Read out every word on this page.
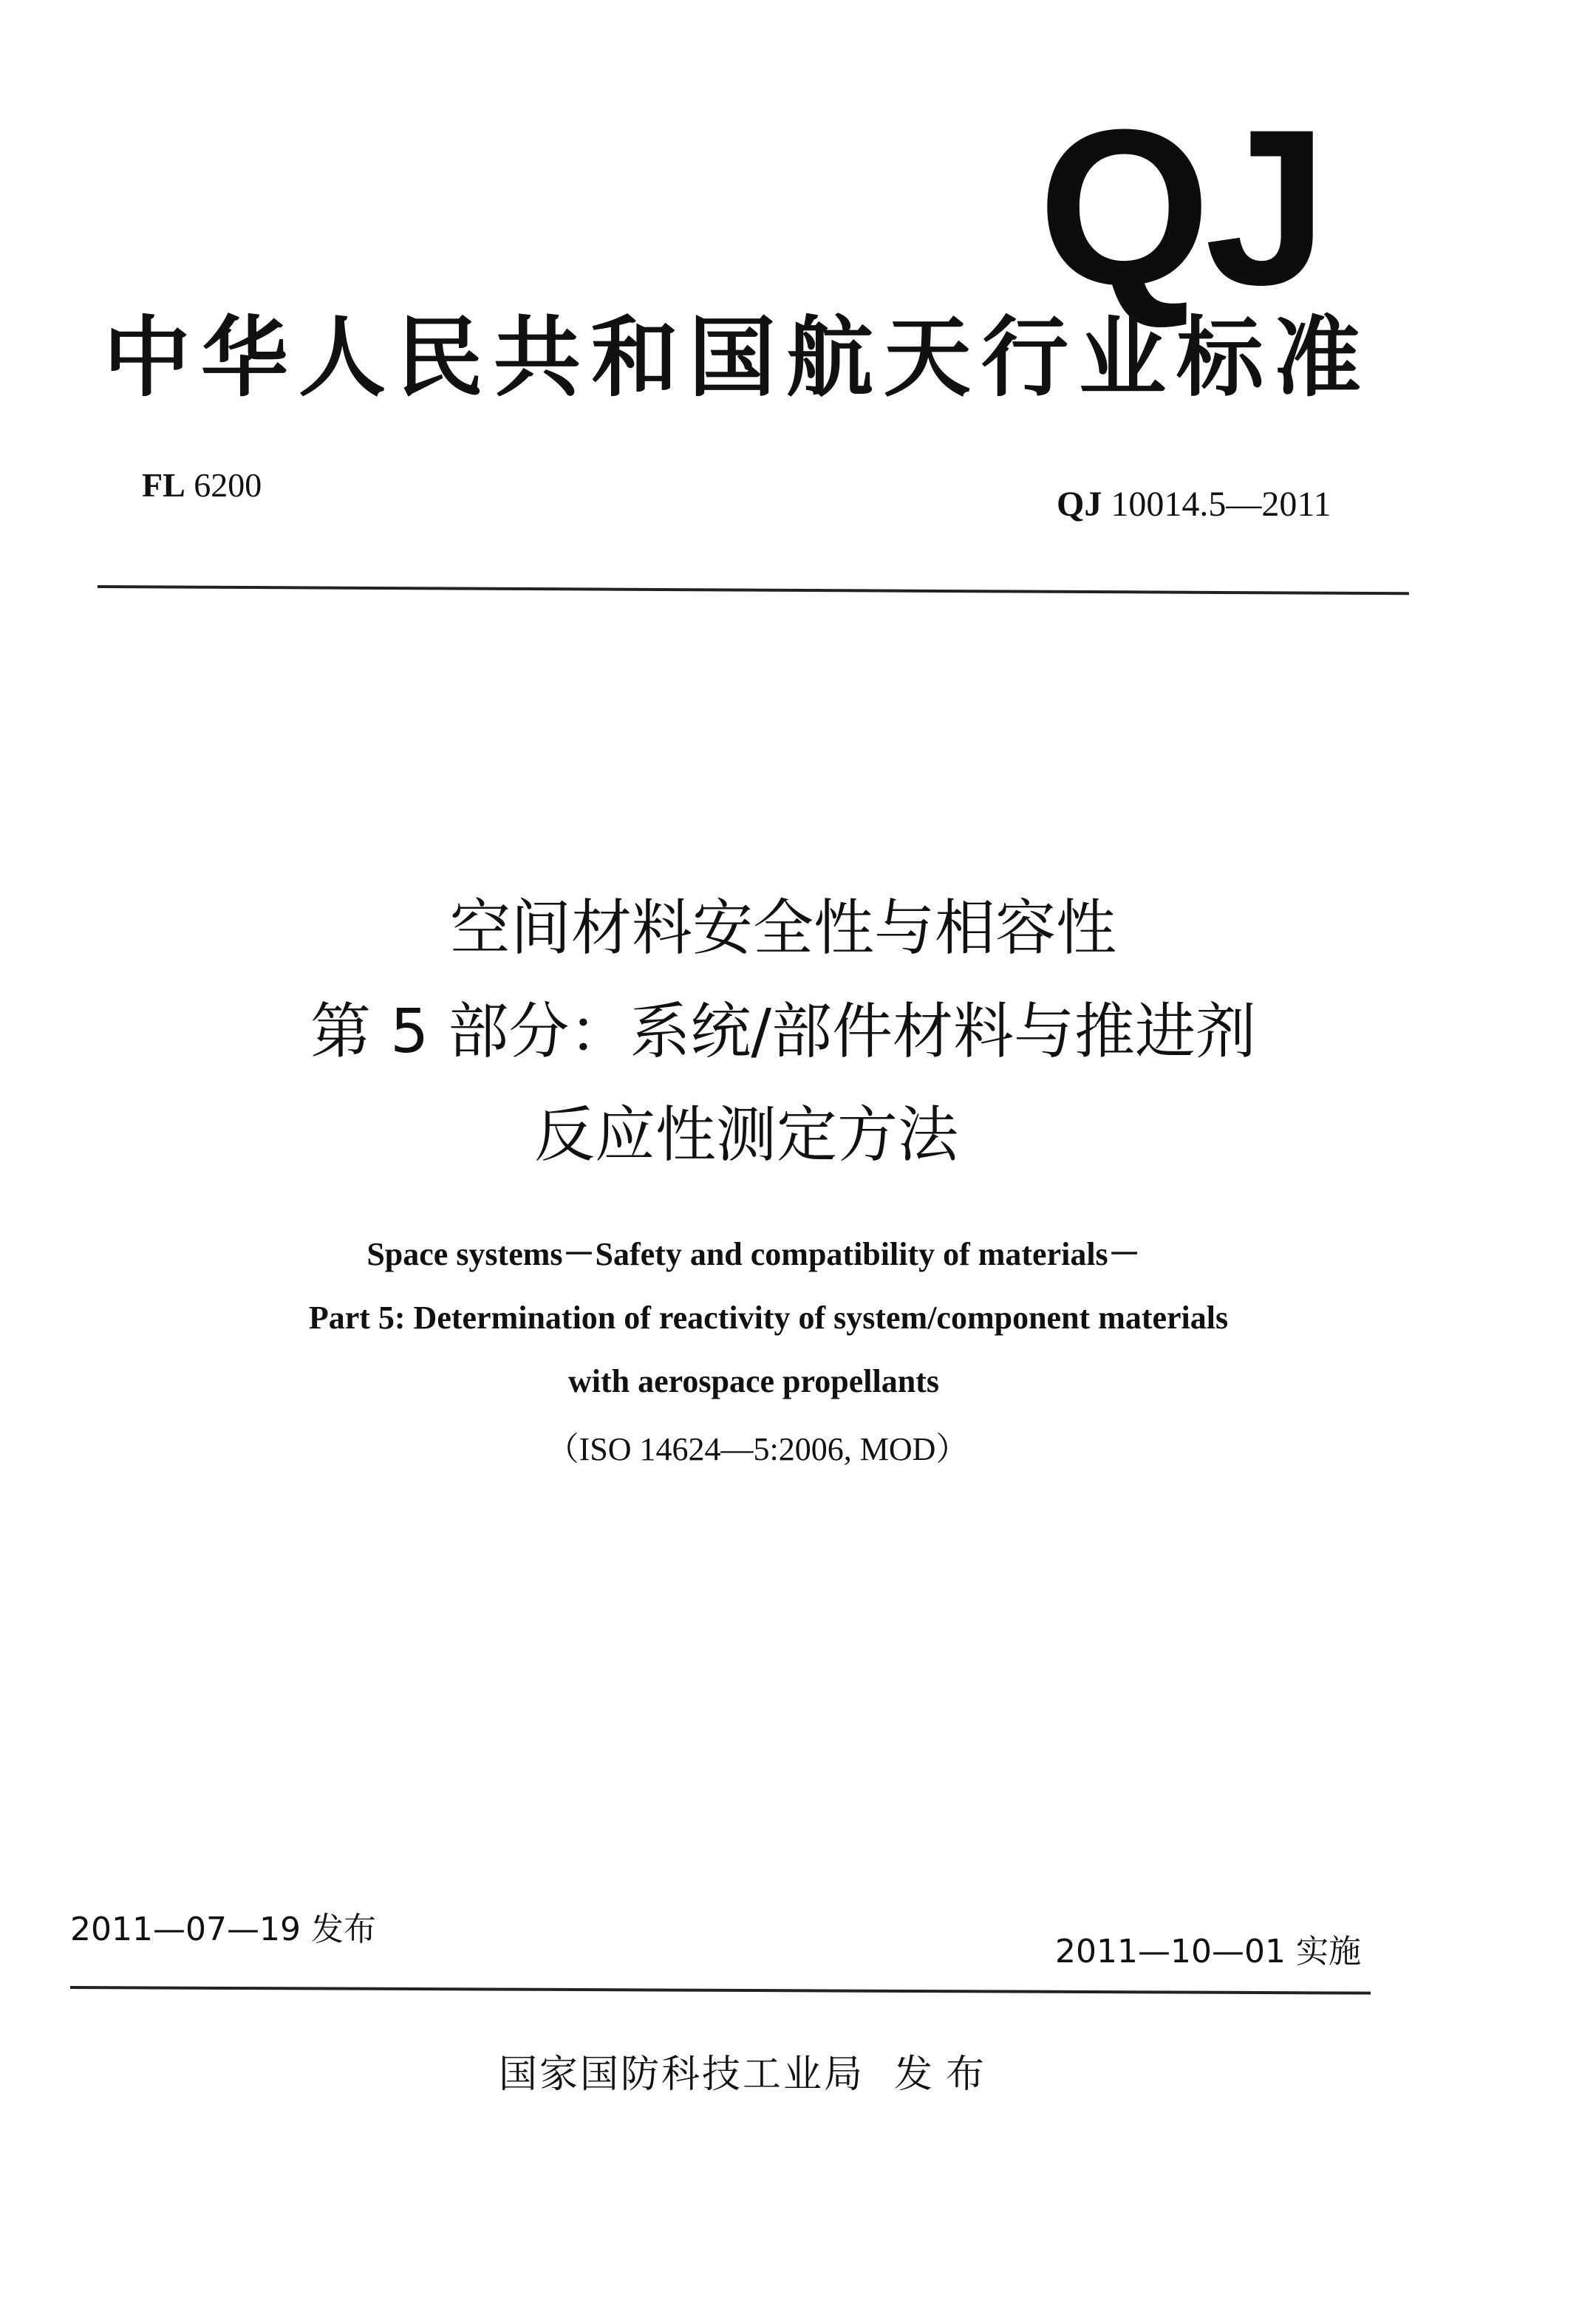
QJ
中华人民共和国航天行业标准
FL 6200	QJ 10014.5—2011
空间材料安全性与相容性
第 5 部分：系统/部件材料与推进剂
反应性测定方法
Space systems－Safety and compatibility of materials－
Part 5: Determination of reactivity of system/component materials
with aerospace propellants
（ISO 14624—5:2006, MOD）
2011—07—19 发布
2011—10—01 实施
国家国防科技工业局 发布
